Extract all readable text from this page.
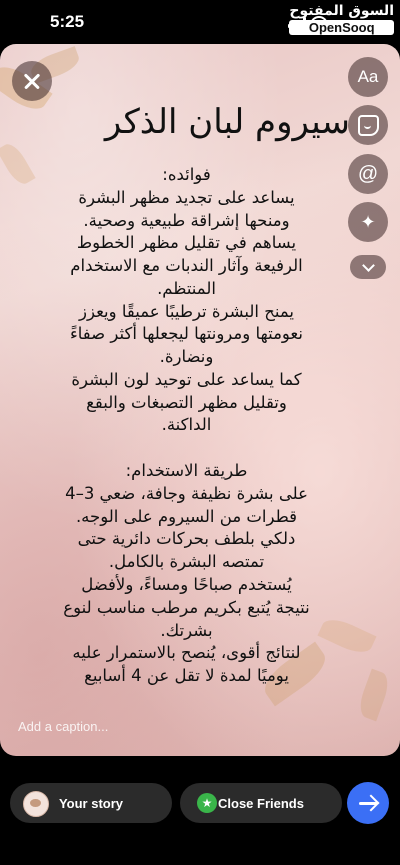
5:25
السوق المفتوح
OpenSooq
Aa
@
✦
سيروم لبان الذكر
فوائده:
يساعد على تجديد مظهر البشرة
ومنحها إشراقة طبيعية وصحية.
يساهم في تقليل مظهر الخطوط
الرفيعة وآثار الندبات مع الاستخدام
المنتظم.
يمنح البشرة ترطيبًا عميقًا ويعزز
نعومتها ومرونتها ليجعلها أكثر صفاءً
ونضارة.
كما يساعد على توحيد لون البشرة
وتقليل مظهر التصبغات والبقع
الداكنة.
طريقة الاستخدام:
على بشرة نظيفة وجافة، ضعي 3–4
قطرات من السيروم على الوجه.
دلكي بلطف بحركات دائرية حتى
تمتصه البشرة بالكامل.
يُستخدم صباحًا ومساءً، ولأفضل
نتيجة يُتبع بكريم مرطب مناسب لنوع
بشرتك.
لنتائج أقوى، يُنصح بالاستمرار عليه
يوميًا لمدة لا تقل عن 4 أسابيع
Add a caption...
Your story	★ Close Friends
